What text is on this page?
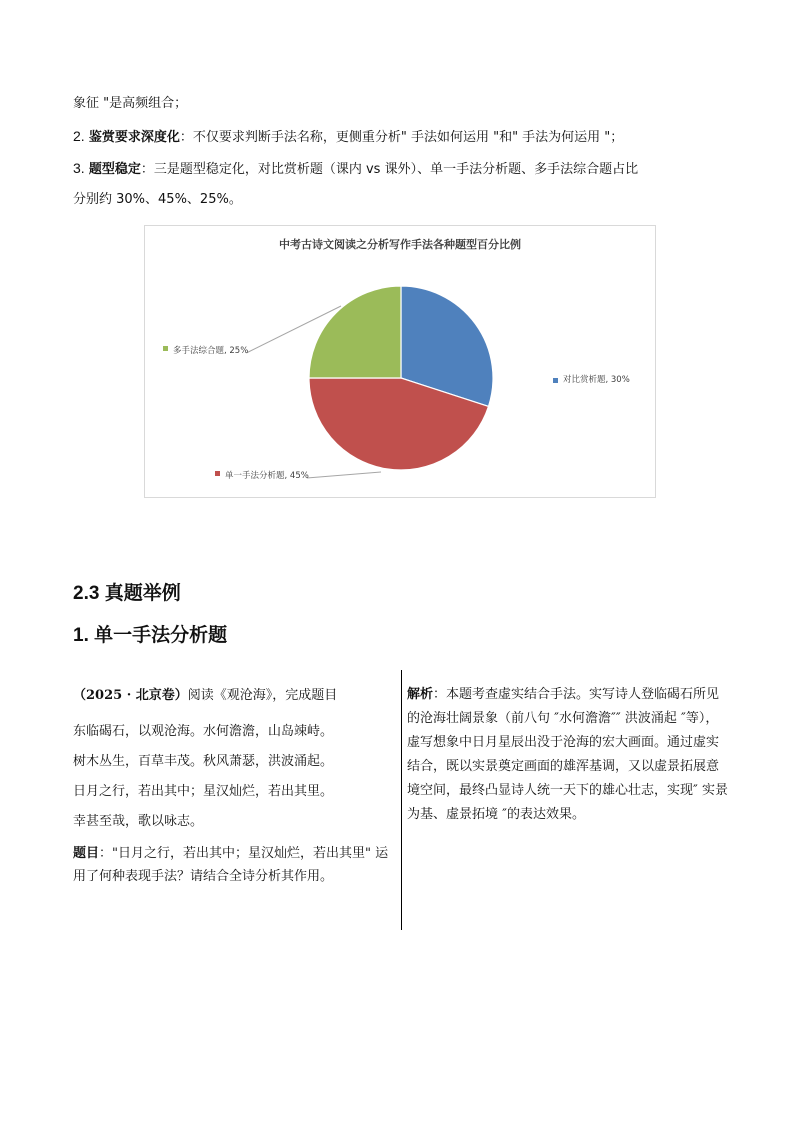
象征 "是高频组合；
2. 鉴赏要求深度化：不仅要求判断手法名称，更侧重分析" 手法如何运用 "和" 手法为何运用 "；
3. 题型稳定：三是题型稳定化，对比赏析题（课内 vs 课外）、单一手法分析题、多手法综合题占比
分别约 30%、45%、25%。
中考古诗文阅读之分析写作手法各种题型百分比例
对比赏析题, 30%
单一手法分析题, 45%
多手法综合题, 25%
2.3 真题举例
1. 单一手法分析题
（2025 · 北京卷）阅读《观沧海》，完成题目
东临碣石，以观沧海。水何澹澹，山岛竦峙。
树木丛生，百草丰茂。秋风萧瑟，洪波涌起。
日月之行，若出其中；星汉灿烂，若出其里。
幸甚至哉，歌以咏志。
题目："日月之行，若出其中；星汉灿烂，若出其里" 运用了何种表现手法？请结合全诗分析其作用。
解析：本题考查虚实结合手法。实写诗人登临碣石所见的沧海壮阔景象（前八句 ″水何澹澹″″ 洪波涌起 ″等），虚写想象中日月星辰出没于沧海的宏大画面。通过虚实结合，既以实景奠定画面的雄浑基调，又以虚景拓展意境空间，最终凸显诗人统一天下的雄心壮志，实现″ 实景为基、虚景拓境 ″的表达效果。
